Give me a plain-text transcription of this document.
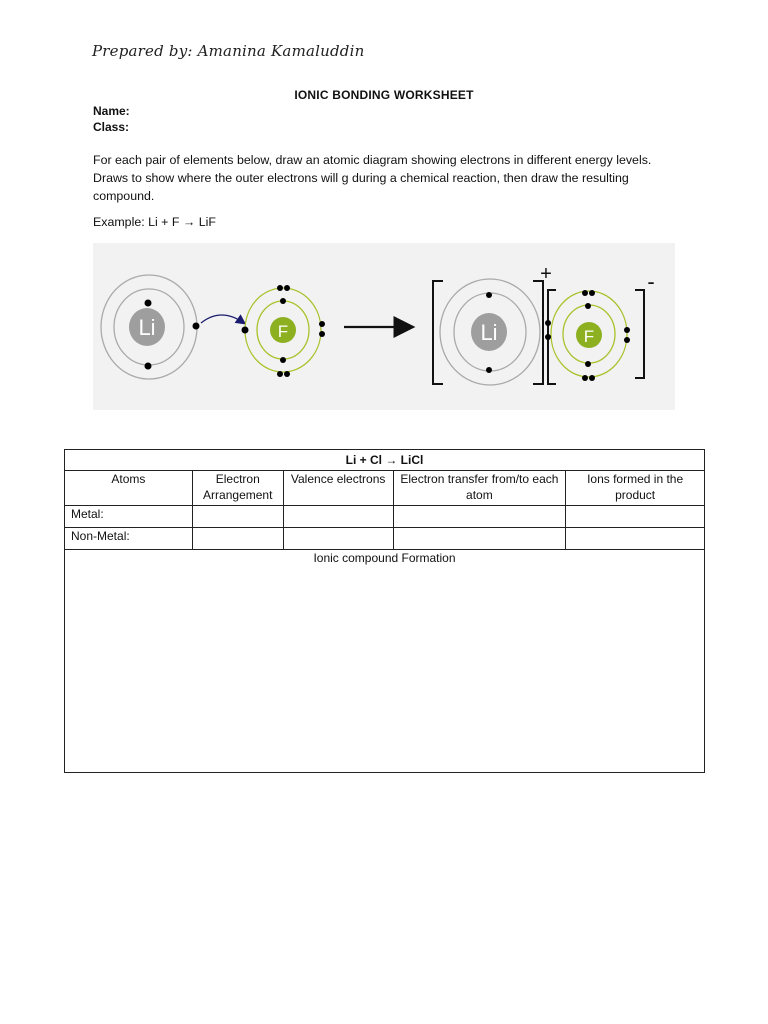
Prepared by: Amanina Kamaluddin
IONIC BONDING WORKSHEET
Name:
Class:
For each pair of elements below, draw an atomic diagram showing electrons in different energy levels. Draws to show where the outer electrons will g during a chemical reaction, then draw the resulting compound.
Example: Li + F → LiF
Li	F	Li
+
F
-
Li + Cl → LiCl				
Atoms	Electron Arrangement	Valence electrons	Electron transfer from/to each atom	Ions formed in the product
Metal:				
Non-Metal:				
Ionic compound Formation				
